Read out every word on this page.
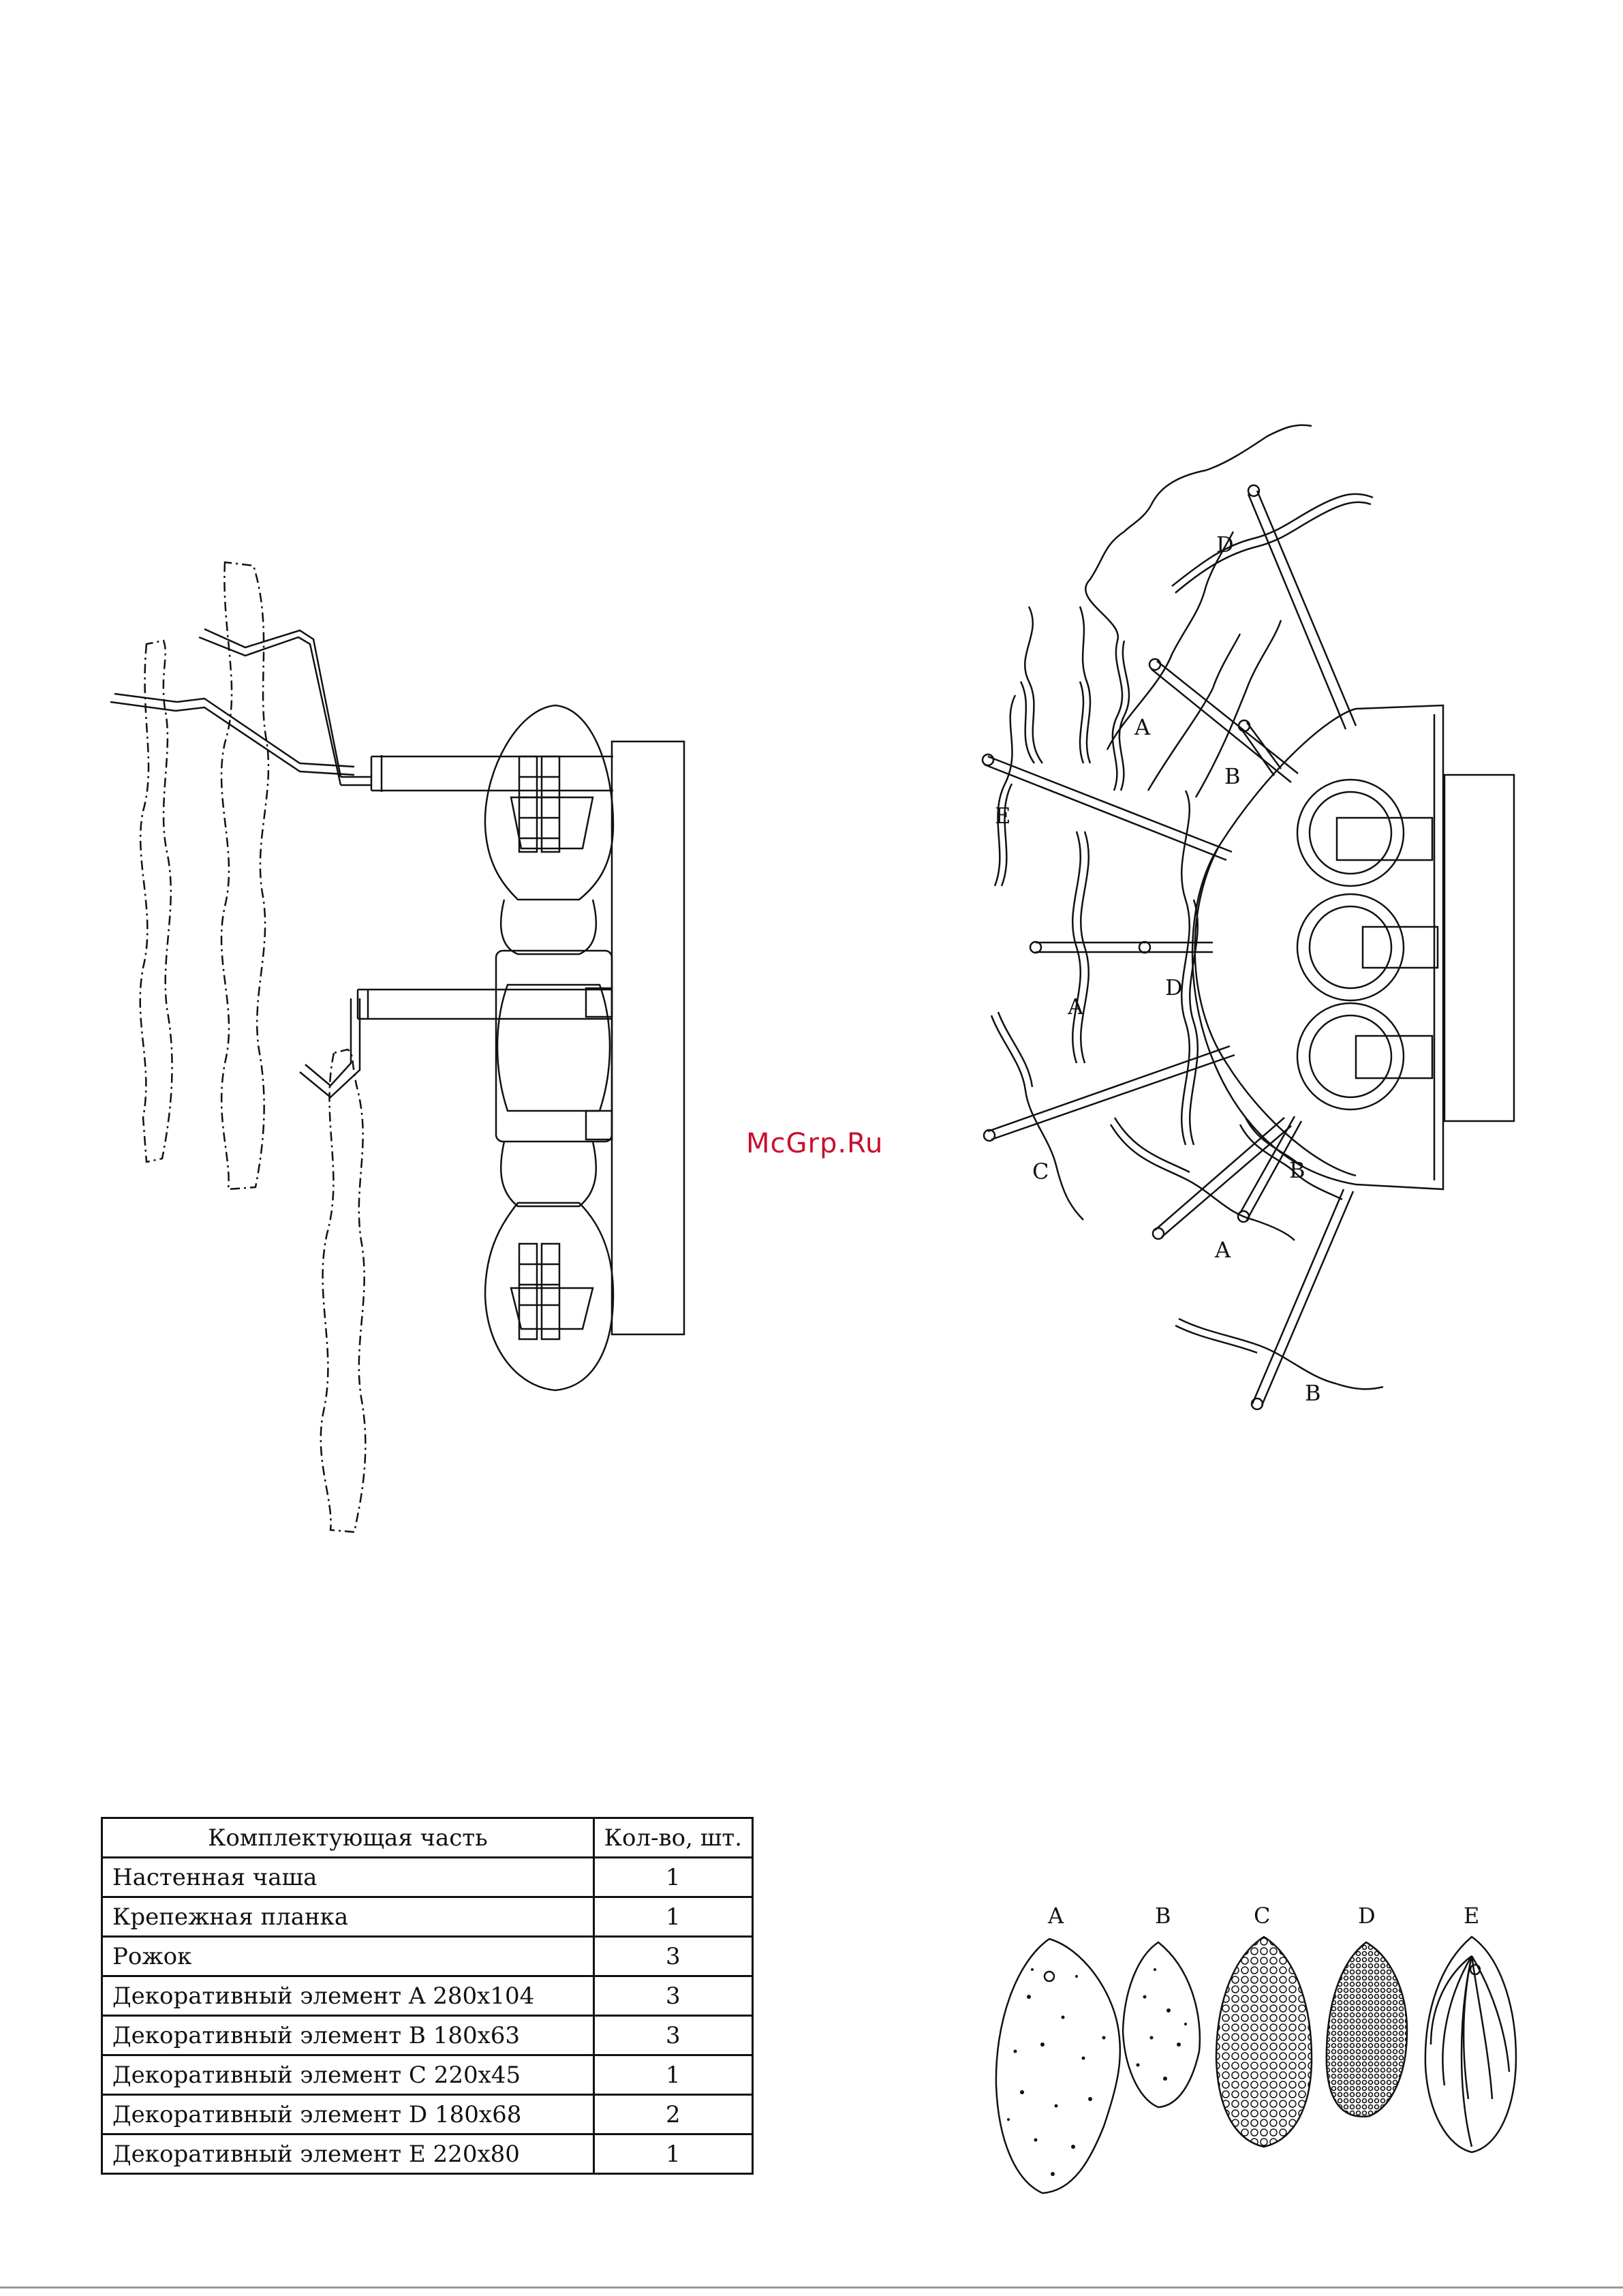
D
A
B
E
A
D
C	B
A
B
A	B	C	D	E
McGrp.Ru
Комплектующая часть	Кол-во, шт.
Настенная чаша	1
Крепежная планка	1
Рожок	3
Декоративный элемент A 280x104	3
Декоративный элемент B 180x63	3
Декоративный элемент C 220x45	1
Декоративный элемент D 180x68	2
Декоративный элемент E 220x80	1
